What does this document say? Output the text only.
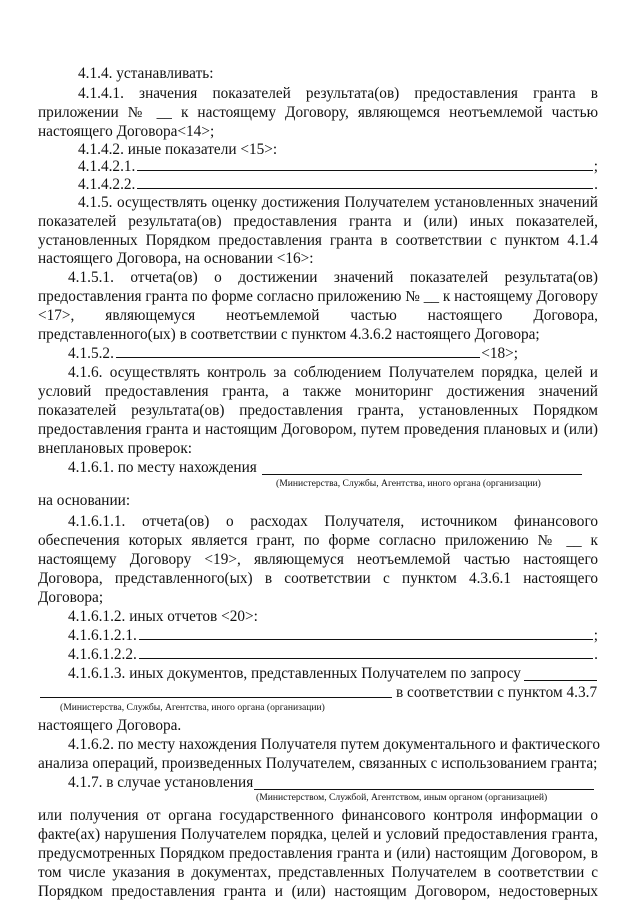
4.1.4. устанавливать:
4.1.4.1. значения показателей результата(ов) предоставления гранта в
приложении № __ к настоящему Договору, являющемся неотъемлемой частью
настоящего Договора<14>;
4.1.4.2. иные показатели <15>:
4.1.4.2.1.	;
4.1.4.2.2.	.
4.1.5. осуществлять оценку достижения Получателем установленных значений
показателей результата(ов) предоставления гранта и (или) иных показателей,
установленных Порядком предоставления гранта в соответствии с пунктом 4.1.4
настоящего Договора, на основании <16>:
4.1.5.1. отчета(ов) о достижении значений показателей результата(ов)
предоставления гранта по форме согласно приложению № __ к настоящему Договору
<17>, являющемуся неотъемлемой частью настоящего Договора,
представленного(ых) в соответствии с пунктом 4.3.6.2 настоящего Договора;
4.1.5.2.	<18>;
4.1.6. осуществлять контроль за соблюдением Получателем порядка, целей и
условий предоставления гранта, а также мониторинг достижения значений
показателей результата(ов) предоставления гранта, установленных Порядком
предоставления гранта и настоящим Договором, путем проведения плановых и (или)
внеплановых проверок:
4.1.6.1. по месту нахождения
(Министерства, Службы, Агентства, иного органа (организации)
на основании:
4.1.6.1.1. отчета(ов) о расходах Получателя, источником финансового
обеспечения которых является грант, по форме согласно приложению № __ к
настоящему Договору <19>, являющемуся неотъемлемой частью настоящего
Договора, представленного(ых) в соответствии с пунктом 4.3.6.1 настоящего
Договора;
4.1.6.1.2. иных отчетов <20>:
4.1.6.1.2.1.	;
4.1.6.1.2.2.	.
4.1.6.1.3. иных документов, представленных Получателем по запросу
в соответствии с пунктом 4.3.7
(Министерства, Службы, Агентства, иного органа (организации)
настоящего Договора.
4.1.6.2. по месту нахождения Получателя путем документального и фактического
анализа операций, произведенных Получателем, связанных с использованием гранта;
4.1.7. в случае установления
(Министерством, Службой, Агентством, иным органом (организацией)
или получения от органа государственного финансового контроля информации о
факте(ах) нарушения Получателем порядка, целей и условий предоставления гранта,
предусмотренных Порядком предоставления гранта и (или) настоящим Договором, в
том числе указания в документах, представленных Получателем в соответствии с
Порядком предоставления гранта и (или) настоящим Договором, недостоверных
